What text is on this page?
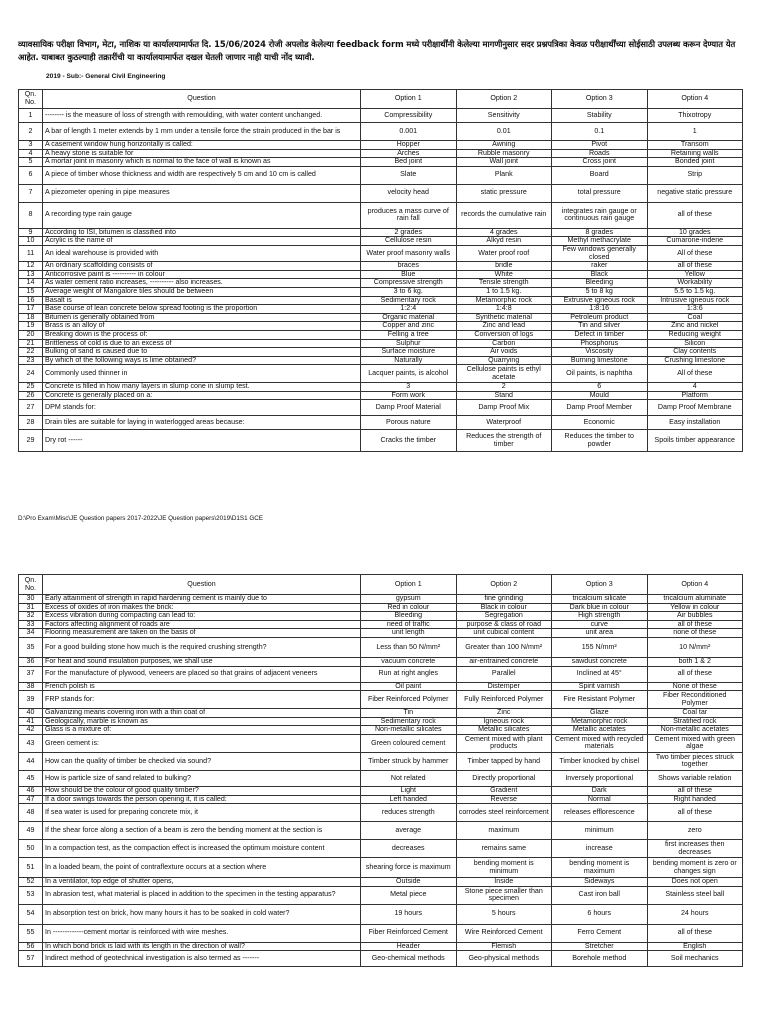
व्यावसायिक परीक्षा विभाग, मेटा, नाशिक या कार्यालयामार्फत दि. 15/06/2024 रोजी अपलोड केलेल्या feedback form मध्ये परीक्षार्थींनी केलेल्या मागणीनुसार सदर प्रश्नपत्रिका केवळ परीक्षार्थींच्या सोईसाठी उपलब्ध करून देण्यात येत आहेत. याबाबत कुठल्याही तक्रारींची या कार्यालयामार्फत दखल घेतली जाणार नाही याची नोंद घ्यावी.
2019 - Sub:- General Civil Engineering
Qn. No.	Question	Option 1	Option 2	Option 3	Option 4
1	-------- is the measure of loss of strength with remoulding, with water content unchanged.	Compressibility	Sensitivity	Stability	Thixotropy
2	A bar of length 1 meter extends by 1 mm under a tensile force the strain produced in the bar is	0.001	0.01	0.1	1
3	A casement window hung horizontally is called:	Hopper	Awning	Pivot	Transom
4	A heavy stone is suitable for	Arches	Rubble masonry	Roads	Retaining walls
5	A mortar joint in masonry which is normal to the face of wall is known as	Bed joint	Wall joint	Cross joint	Bonded joint
6	A piece of timber whose thickness and width are respectively 5 cm and 10 cm is called	Slate	Plank	Board	Strip
7	A piezometer opening in pipe measures	velocity head	static pressure	total pressure	negative static pressure
8	A recording type rain gauge	produces a mass curve of rain fall	records the cumulative rain	integrates rain gauge or continuous rain gauge	all of these
9	According to ISI, bitumen is classified into	2 grades	4 grades	8 grades	10 grades
10	Acrylic is the name of	Cellulose resin	Alkyd resin	Methyl methacrylate	Cumarone-indene
11	An ideal warehouse is provided with	Water proof masonry walls	Water proof roof	Few windows generally closed	All of these
12	An ordinary scaffolding consists of	braces	bridle	raker	all of these
13	Anticorrosive paint is ---------- in colour	Blue	White	Black	Yellow
14	As water cement ratio increases, ---------- also increases.	Compressive strength	Tensile strength	Bleeding	Workability
15	Average weight of Mangalore tiles should be between	3 to 6 kg.	1 to 1.5 kg.	5 to 8 kg	5.5 to 1.5 kg.
16	Basalt is	Sedimentary rock	Metamorphic rock	Extrusive igneous rock	Intrusive igneous rock
17	Base course of lean concrete below spread footing is the proportion	1:2:4	1:4:8	1:8:16	1:3:6
18	Bitumen is generally obtained from	Organic material	Synthetic material	Petroleum product	Coal
19	Brass is an alloy of	Copper and zinc	Zinc and lead	Tin and silver	Zinc and nickel
20	Breaking down is the process of:	Felling a tree	Conversion of logs	Defect in timber	Reducing weight
21	Brittleness of cold is due to an excess of	Sulphur	Carbon	Phosphorus	Silicon
22	Bulking of sand is caused due to	Surface moisture	Air voids	Viscosity	Clay contents
23	By which of the following ways is lime obtained?	Naturally	Quarrying	Burning limestone	Crushing limestone
24	Commonly used thinner in	Lacquer paints, is alcohol	Cellulose paints is ethyl acetate	Oil paints, is naphtha	All of these
25	Concrete is filled in how many layers in slump cone in slump test.	3	2	6	4
26	Concrete is generally placed on a:	Form work	Stand	Mould	Platform
27	DPM stands for:	Damp Proof Material	Damp Proof Mix	Damp Proof Member	Damp Proof Membrane
28	Drain tiles are suitable for laying in waterlogged areas because:	Porous nature	Waterproof	Economic	Easy installation
29	Dry rot ------	Cracks the timber	Reduces the strength of timber	Reduces the timber to powder	Spoils timber appearance
D:\Pro Exam\Misc\JE Question papers 2017-2022\JE Question papers\2019\D1S1 GCE
Qn. No.	Question	Option 1	Option 2	Option 3	Option 4
30	Early attainment of strength in rapid hardening cement is mainly due to	gypsum	fine grinding	tricalcium silicate	tricalcium aluminate
31	Excess of oxides of iron makes the brick:	Red in colour	Black in colour	Dark blue in colour	Yellow in colour
32	Excess vibration during compacting can lead to:	Bleeding	Segregation	High strength	Air bubbles
33	Factors affecting alignment of roads are	need of traffic	purpose & class of road	curve	all of these
34	Flooring measurement are taken on the basis of	unit length	unit cubical content	unit area	none of these
35	For a good building stone how much is the required crushing strength?	Less than 50 N/mm²	Greater than 100 N/mm²	155 N/mm²	10 N/mm²
36	For heat and sound insulation purposes, we shall use	vacuum concrete	air-entrained concrete	sawdust concrete	both 1 & 2
37	For the manufacture of plywood, veneers are placed so that grains of adjacent veneers	Run at right angles	Parallel	Inclined at 45°	all of these
38	French polish is	Oil paint	Distemper	Spirit varnish	None of these
39	FRP stands for:	Fiber Reinforced Polymer	Fully Reinforced Polymer	Fire Resistant Polymer	Fiber Reconditioned Polymer
40	Galvanizing means covering iron with a thin coat of	Tin	Zinc	Glaze	Coal tar
41	Geologically, marble is known as	Sedimentary rock	Igneous rock	Metamorphic rock	Stratified rock
42	Glass is a mixture of:	Non-metallic silicates	Metallic silicates	Metallic acetates	Non-metallic acetates
43	Green cement is:	Green coloured cement	Cement mixed with plant products	Cement mixed with recycled materials	Cement mixed with green algae
44	How can the quality of timber be checked via sound?	Timber struck by hammer	Timber tapped by hand	Timber knocked by chisel	Two timber pieces struck together
45	How is particle size of sand related to bulking?	Not related	Directly proportional	Inversely proportional	Shows variable relation
46	How should be the colour of good quality timber?	Light	Gradient	Dark	all of these
47	If a door swings towards the person opening it, it is called:	Left handed	Reverse	Normal	Right handed
48	If sea water is used for preparing concrete mix, it	reduces strength	corrodes steel reinforcement	releases efflorescence	all of these
49	If the shear force along a section of a beam is zero the bending moment at the section is	average	maximum	minimum	zero
50	In a compaction test, as the compaction effect is increased the optimum moisture content	decreases	remains same	increase	first increases then decreases
51	In a loaded beam, the point of contraflexture occurs at a section where	shearing force is maximum	bending moment is minimum	bending moment is maximum	bending moment is zero or changes sign
52	In a ventilator, top edge of shutter opens,	Outside	Inside	Sideways	Does not open
53	In abrasion test, what material is placed in addition to the specimen in the testing apparatus?	Metal piece	Stone piece smaller than specimen	Cast iron ball	Stainless steel ball
54	In absorption test on brick, how many hours it has to be soaked in cold water?	19 hours	5 hours	6 hours	24 hours
55	In -------------cement mortar is reinforced with wire meshes.	Fiber Reinforced Cement	Wire Reinforced Cement	Ferro Cement	all of these
56	In which bond brick is laid with its length in the direction of wall?	Header	Flemish	Stretcher	English
57	Indirect method of geotechnical investigation is also termed as -------	Geo-chemical methods	Geo-physical methods	Borehole method	Soil mechanics
